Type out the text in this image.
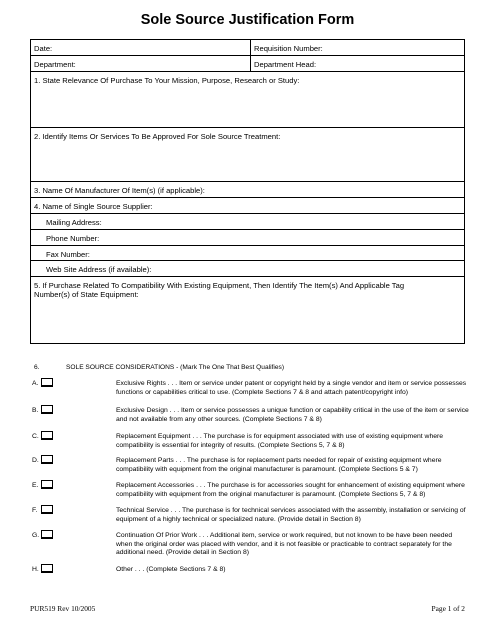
Sole Source Justification Form
Date:	Requisition Number:
Department:	Department Head:
1. State Relevance Of Purchase To Your Mission, Purpose, Research or Study:
2. Identify Items Or Services To Be Approved For Sole Source Treatment:
3. Name Of Manufacturer Of Item(s) (if applicable):
4. Name of Single Source Supplier:
Mailing Address:
Phone Number:
Fax Number:
Web Site Address (if available):
5. If Purchase Related To Compatibility With Existing Equipment, Then Identify The Item(s) And Applicable Tag
Number(s) of State Equipment:
6.	SOLE SOURCE CONSIDERATIONS - (Mark The One That Best Qualifies)
A.	Exclusive Rights . . . Item or service under patent or copyright held by a single vendor and item or service possesses
functions or capabilities critical to use. (Complete Sections 7 & 8 and attach patent/copyright info)
B.	Exclusive Design . . . Item or service possesses a unique function or capability critical in the use of the item or service
and not available from any other sources. (Complete Sections 7 & 8)
C.	Replacement Equipment . . . The purchase is for equipment associated with use of existing equipment where
compatibility is essential for integrity of results. (Complete Sections 5, 7 & 8)
D.	Replacement Parts . . . The purchase is for replacement parts needed for repair of existing equipment where
compatibility with equipment from the original manufacturer is paramount. (Complete Sections 5 & 7)
E.	Replacement Accessories . . . The purchase is for accessories sought for enhancement of existing equipment where
compatibility with equipment from the original manufacturer is paramount. (Complete Sections 5, 7 & 8)
F.	Technical Service . . . The purchase is for technical services associated with the assembly, installation or servicing of
equipment of a highly technical or specialized nature. (Provide detail in Section 8)
G.	Continuation Of Prior Work . . . Additional item, service or work required, but not known to be have been needed
when the original order was placed with vendor, and it is not feasible or practicable to contract separately for the
additional need. (Provide detail in Section 8)
H.	Other . . . (Complete Sections 7 & 8)
PUR519 Rev 10/2005	Page 1 of 2
